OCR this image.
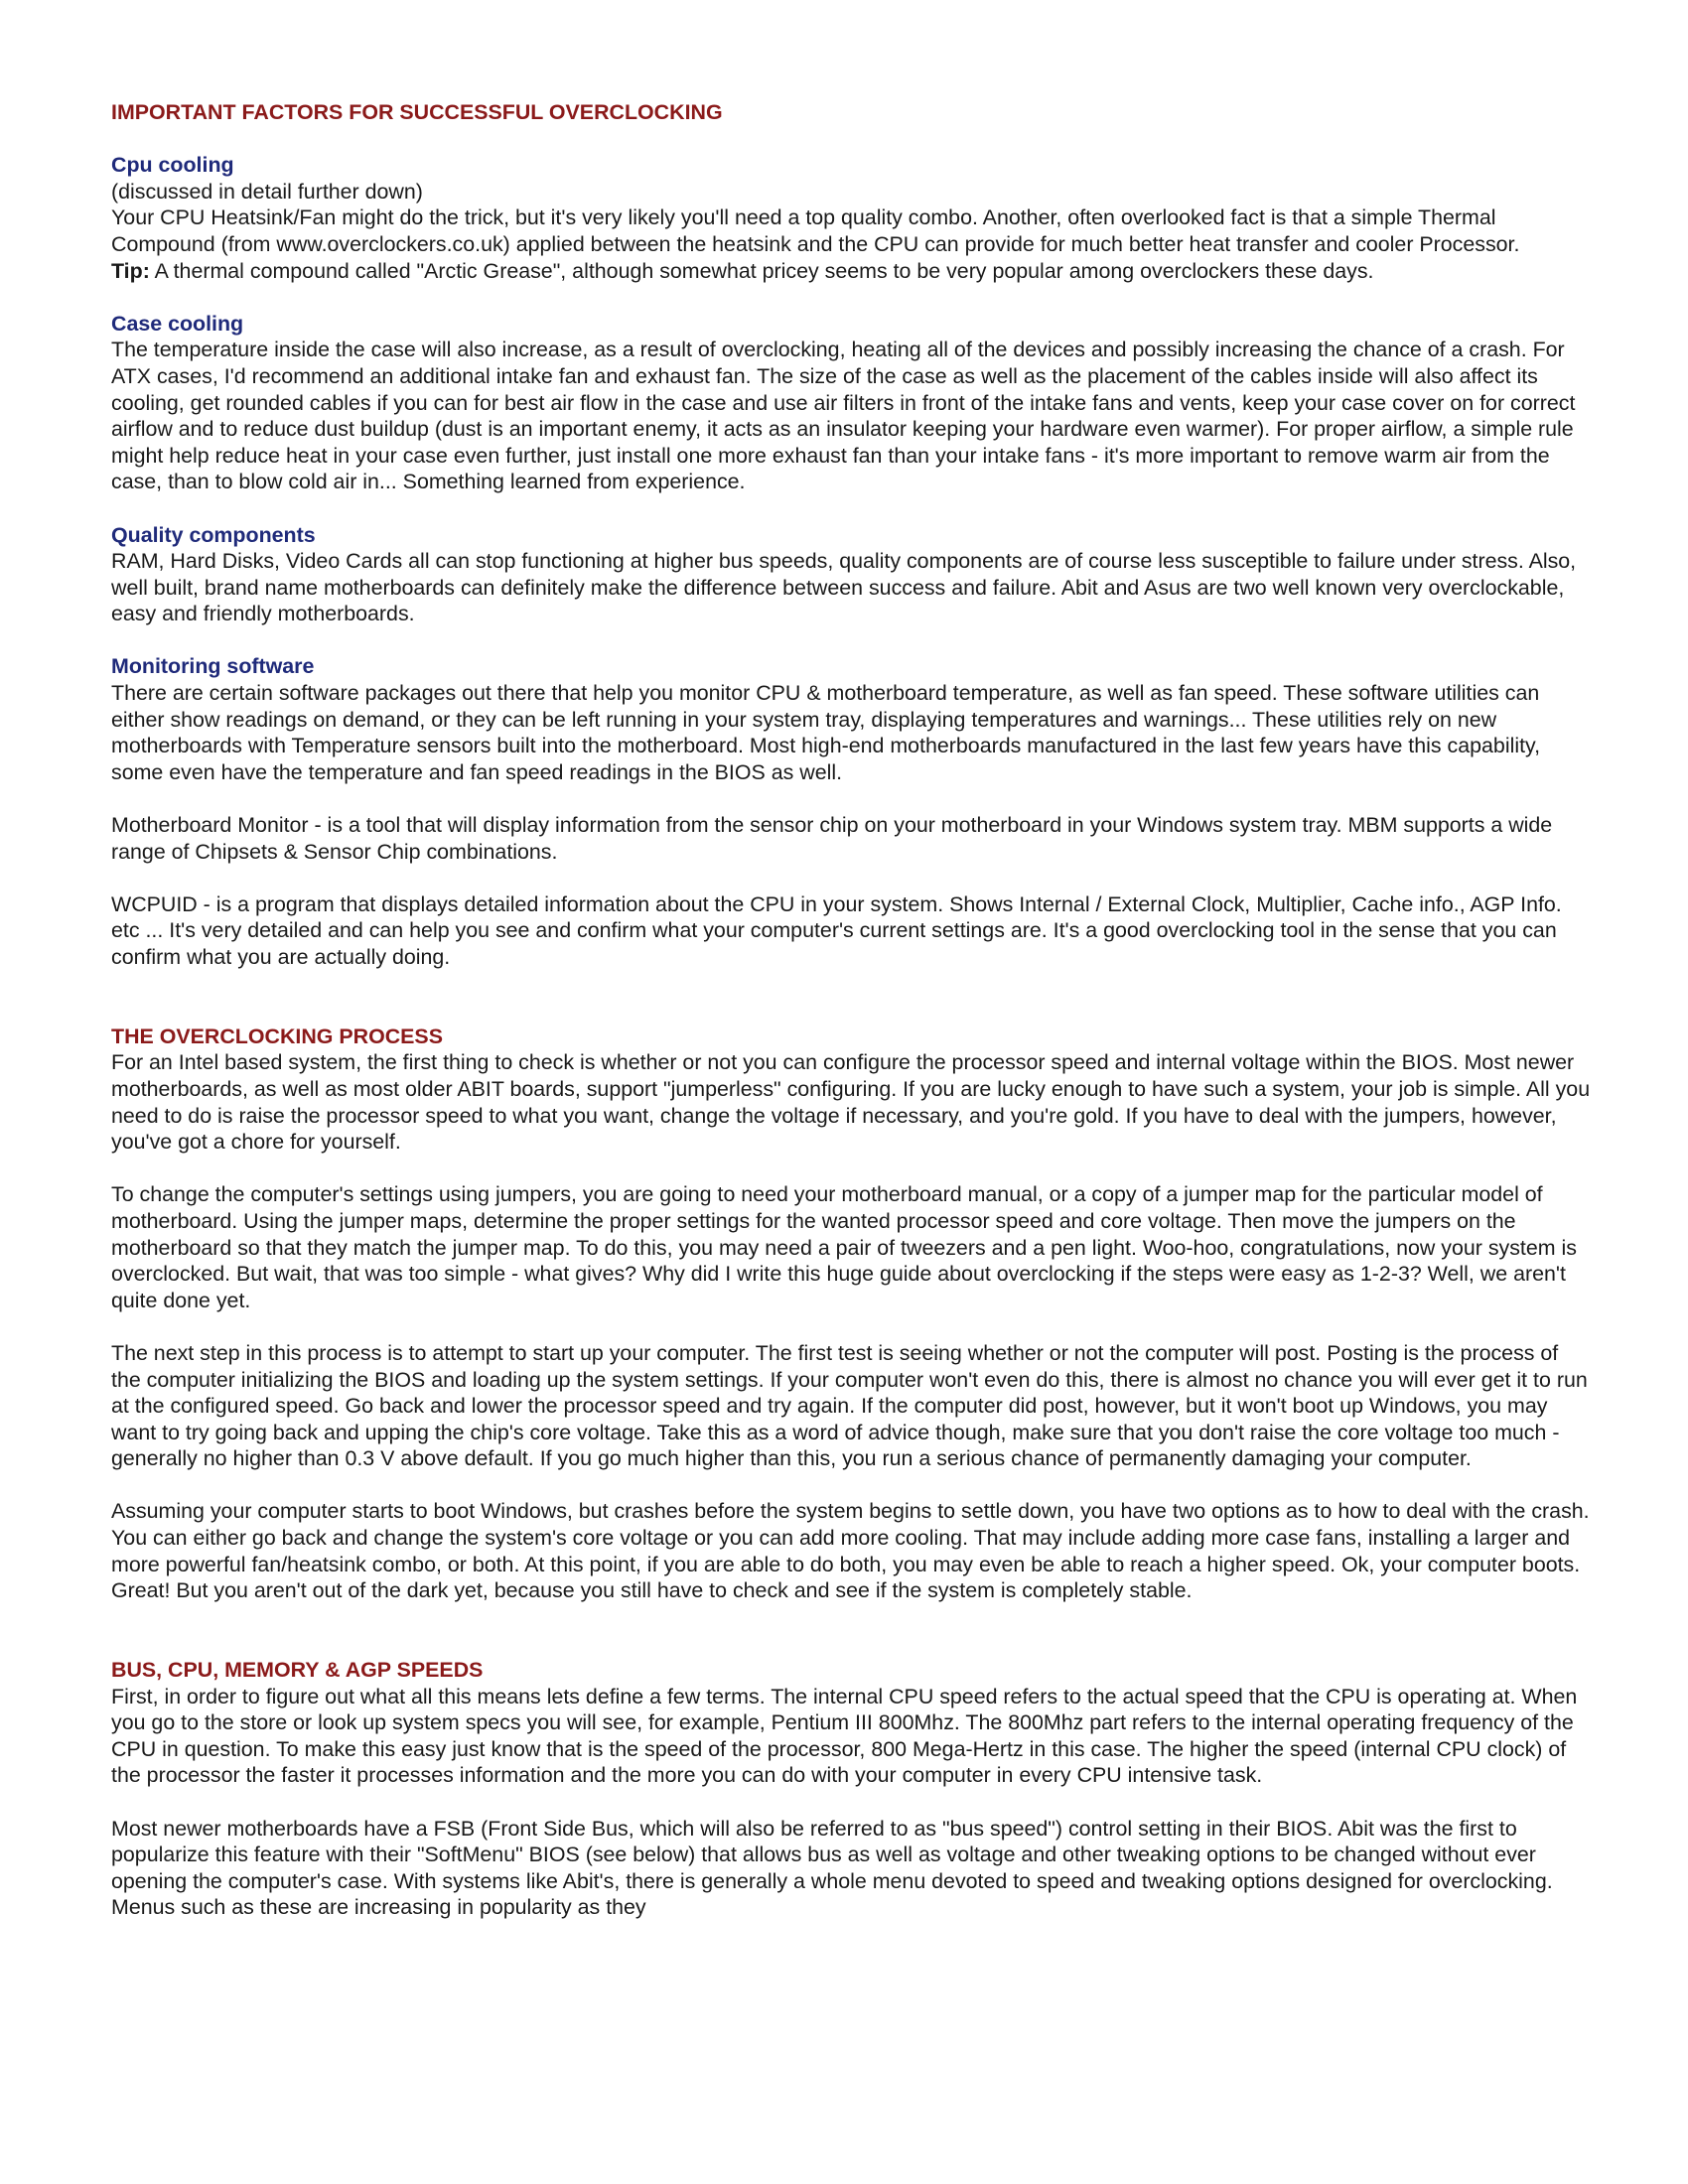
IMPORTANT FACTORS FOR SUCCESSFUL OVERCLOCKING
Cpu cooling

(discussed in detail further down)

Your CPU Heatsink/Fan might do the trick, but it's very likely you'll need a top quality combo. Another, often overlooked fact is that a simple Thermal Compound (from www.overclockers.co.uk) applied between the heatsink and the CPU can provide for much better heat transfer and cooler Processor.

Tip: A thermal compound called "Arctic Grease", although somewhat pricey seems to be very popular among overclockers these days.

Case cooling

The temperature inside the case will also increase, as a result of overclocking, heating all of the devices and possibly increasing the chance of a crash. For ATX cases, I'd recommend an additional intake fan and exhaust fan. The size of the case as well as the placement of the cables inside will also affect its cooling, get rounded cables if you can for best air flow in the case and use air filters in front of the intake fans and vents, keep your case cover on for correct airflow and to reduce dust buildup (dust is an important enemy, it acts as an insulator keeping your hardware even warmer). For proper airflow, a simple rule might help reduce heat in your case even further, just install one more exhaust fan than your intake fans - it's more important to remove warm air from the case, than to blow cold air in... Something learned from experience.

Quality components

RAM, Hard Disks, Video Cards all can stop functioning at higher bus speeds, quality components are of course less susceptible to failure under stress. Also, well built, brand name motherboards can definitely make the difference between success and failure. Abit and Asus are two well known very overclockable, easy and friendly motherboards.

Monitoring software

There are certain software packages out there that help you monitor CPU & motherboard temperature, as well as fan speed. These software utilities can either show readings on demand, or they can be left running in your system tray, displaying temperatures and warnings... These utilities rely on new motherboards with Temperature sensors built into the motherboard. Most high-end motherboards manufactured in the last few years have this capability, some even have the temperature and fan speed readings in the BIOS as well.

Motherboard Monitor - is a tool that will display information from the sensor chip on your motherboard in your Windows system tray. MBM supports a wide range of Chipsets & Sensor Chip combinations.

WCPUID - is a program that displays detailed information about the CPU in your system. Shows Internal / External Clock, Multiplier, Cache info., AGP Info. etc ... It's very detailed and can help you see and confirm what your computer's current settings are. It's a good overclocking tool in the sense that you can confirm what you are actually doing.

THE OVERCLOCKING PROCESS

For an Intel based system, the first thing to check is whether or not you can configure the processor speed and internal voltage within the BIOS. Most newer motherboards, as well as most older ABIT boards, support "jumperless" configuring. If you are lucky enough to have such a system, your job is simple. All you need to do is raise the processor speed to what you want, change the voltage if necessary, and you're gold. If you have to deal with the jumpers, however, you've got a chore for yourself.

To change the computer's settings using jumpers, you are going to need your motherboard manual, or a copy of a jumper map for the particular model of motherboard. Using the jumper maps, determine the proper settings for the wanted processor speed and core voltage. Then move the jumpers on the motherboard so that they match the jumper map. To do this, you may need a pair of tweezers and a pen light. Woo-hoo, congratulations, now your system is overclocked. But wait, that was too simple - what gives? Why did I write this huge guide about overclocking if the steps were easy as 1-2-3? Well, we aren't quite done yet.

The next step in this process is to attempt to start up your computer. The first test is seeing whether or not the computer will post. Posting is the process of the computer initializing the BIOS and loading up the system settings. If your computer won't even do this, there is almost no chance you will ever get it to run at the configured speed. Go back and lower the processor speed and try again. If the computer did post, however, but it won't boot up Windows, you may want to try going back and upping the chip's core voltage. Take this as a word of advice though, make sure that you don't raise the core voltage too much - generally no higher than 0.3 V above default. If you go much higher than this, you run a serious chance of permanently damaging your computer.

Assuming your computer starts to boot Windows, but crashes before the system begins to settle down, you have two options as to how to deal with the crash. You can either go back and change the system's core voltage or you can add more cooling. That may include adding more case fans, installing a larger and more powerful fan/heatsink combo, or both. At this point, if you are able to do both, you may even be able to reach a higher speed. Ok, your computer boots. Great! But you aren't out of the dark yet, because you still have to check and see if the system is completely stable.

BUS, CPU, MEMORY & AGP SPEEDS

First, in order to figure out what all this means lets define a few terms. The internal CPU speed refers to the actual speed that the CPU is operating at. When you go to the store or look up system specs you will see, for example, Pentium III 800Mhz. The 800Mhz part refers to the internal operating frequency of the CPU in question. To make this easy just know that is the speed of the processor, 800 Mega-Hertz in this case. The higher the speed (internal CPU clock) of the processor the faster it processes information and the more you can do with your computer in every CPU intensive task.

Most newer motherboards have a FSB (Front Side Bus, which will also be referred to as "bus speed") control setting in their BIOS. Abit was the first to popularize this feature with their "SoftMenu" BIOS (see below) that allows bus as well as voltage and other tweaking options to be changed without ever opening the computer's case. With systems like Abit's, there is generally a whole menu devoted to speed and tweaking options designed for overclocking. Menus such as these are increasing in popularity as they
